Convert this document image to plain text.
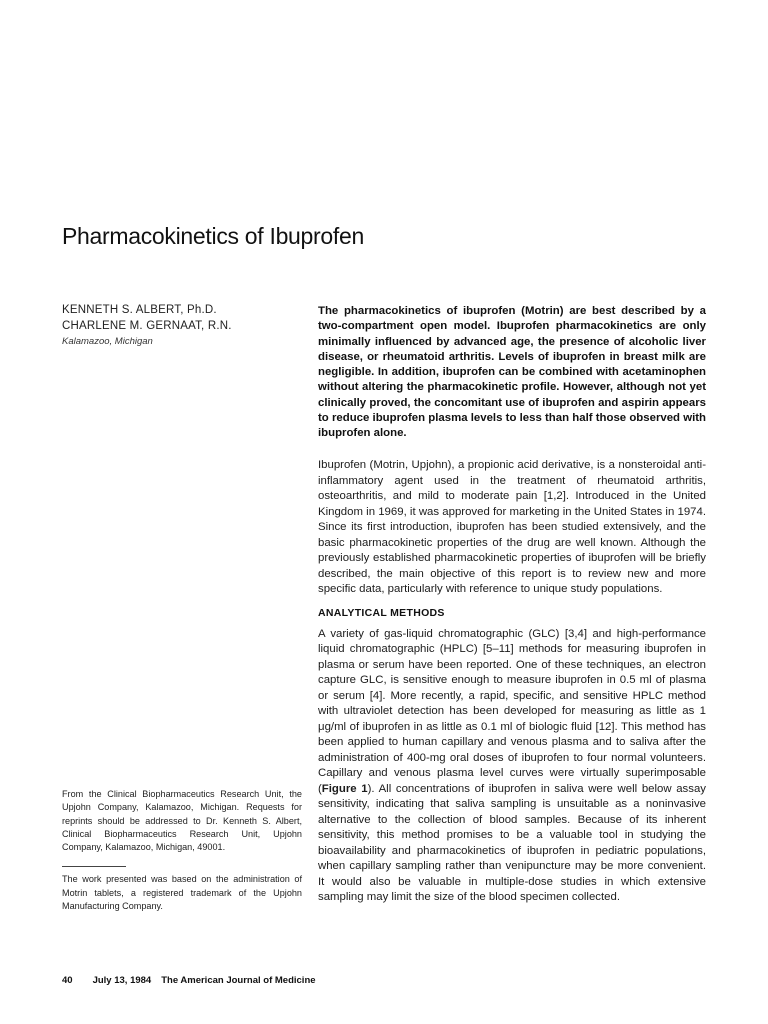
Pharmacokinetics of Ibuprofen
KENNETH S. ALBERT, Ph.D.
CHARLENE M. GERNAAT, R.N.
Kalamazoo, Michigan

The pharmacokinetics of ibuprofen (Motrin) are best described by a two-compartment open model. Ibuprofen pharmacokinetics are only minimally influenced by advanced age, the presence of alcoholic liver disease, or rheumatoid arthritis. Levels of ibuprofen in breast milk are negligible. In addition, ibuprofen can be combined with acetaminophen without altering the pharmacokinetic profile. However, although not yet clinically proved, the concomitant use of ibuprofen and aspirin appears to reduce ibuprofen plasma levels to less than half those observed with ibuprofen alone.

Ibuprofen (Motrin, Upjohn), a propionic acid derivative, is a nonsteroidal anti-inflammatory agent used in the treatment of rheumatoid arthritis, osteoarthritis, and mild to moderate pain [1,2]. Introduced in the United Kingdom in 1969, it was approved for marketing in the United States in 1974. Since its first introduction, ibuprofen has been studied extensively, and the basic pharmacokinetic properties of the drug are well known. Although the previously established pharmacokinetic properties of ibuprofen will be briefly described, the main objective of this report is to review new and more specific data, particularly with reference to unique study populations.

ANALYTICAL METHODS

A variety of gas-liquid chromatographic (GLC) [3,4] and high-performance liquid chromatographic (HPLC) [5–11] methods for measuring ibuprofen in plasma or serum have been reported. One of these techniques, an electron capture GLC, is sensitive enough to measure ibuprofen in 0.5 ml of plasma or serum [4]. More recently, a rapid, specific, and sensitive HPLC method with ultraviolet detection has been developed for measuring as little as 1 μg/ml of ibuprofen in as little as 0.1 ml of biologic fluid [12]. This method has been applied to human capillary and venous plasma and to saliva after the administration of 400-mg oral doses of ibuprofen to four normal volunteers. Capillary and venous plasma level curves were virtually superimposable (Figure 1). All concentrations of ibuprofen in saliva were well below assay sensitivity, indicating that saliva sampling is unsuitable as a noninvasive alternative to the collection of blood samples. Because of its inherent sensitivity, this method promises to be a valuable tool in studying the bioavailability and pharmacokinetics of ibuprofen in pediatric populations, when capillary sampling rather than venipuncture may be more convenient. It would also be valuable in multiple-dose studies in which extensive sampling may limit the size of the blood specimen collected.

From the Clinical Biopharmaceutics Research Unit, the Upjohn Company, Kalamazoo, Michigan. Requests for reprints should be addressed to Dr. Kenneth S. Albert, Clinical Biopharmaceutics Research Unit, Upjohn Company, Kalamazoo, Michigan, 49001.

The work presented was based on the administration of Motrin tablets, a registered trademark of the Upjohn Manufacturing Company.

40 July 13, 1984 The American Journal of Medicine
